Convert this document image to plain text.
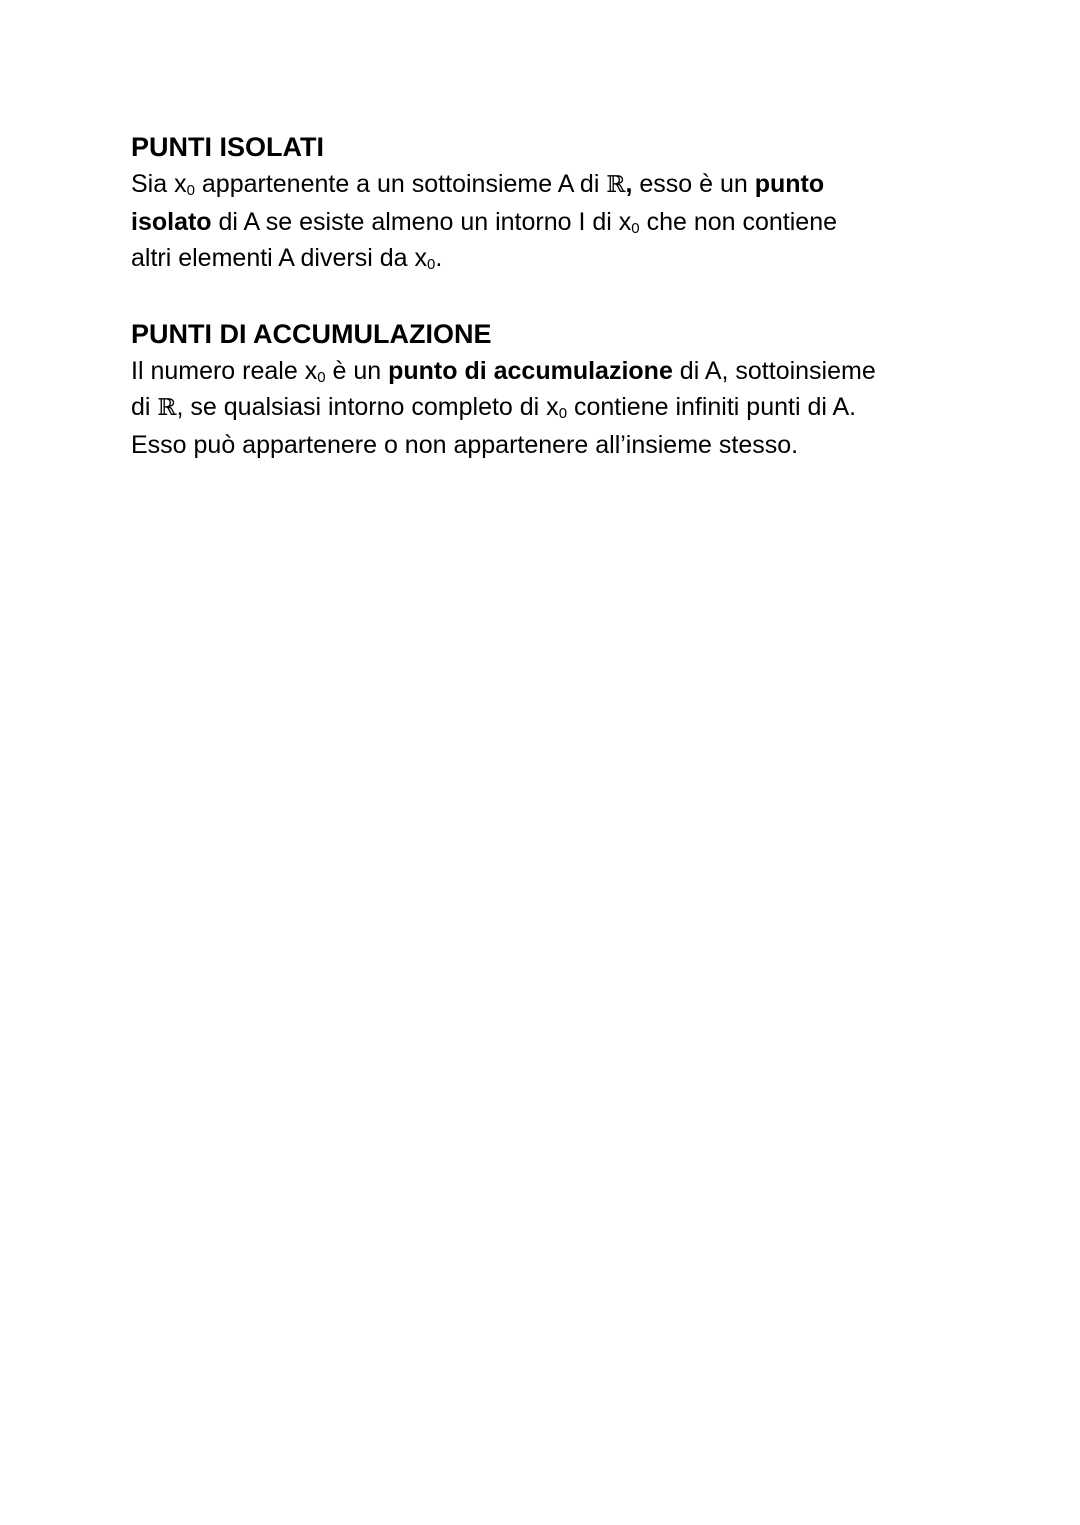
PUNTI ISOLATI

Sia $x_0$ appartenente a un sottoinsieme A di ℝ, esso è un punto
isolato di A se esiste almeno un intorno I di $x_0$ che non contiene
altri elementi A diversi da $x_0$.

PUNTI DI ACCUMULAZIONE

Il numero reale $x_0$ è un punto di accumulazione di A, sottoinsieme
di ℝ, se qualsiasi intorno completo di $x_0$ contiene infiniti punti di A.
Esso può appartenere o non appartenere all’insieme stesso.
